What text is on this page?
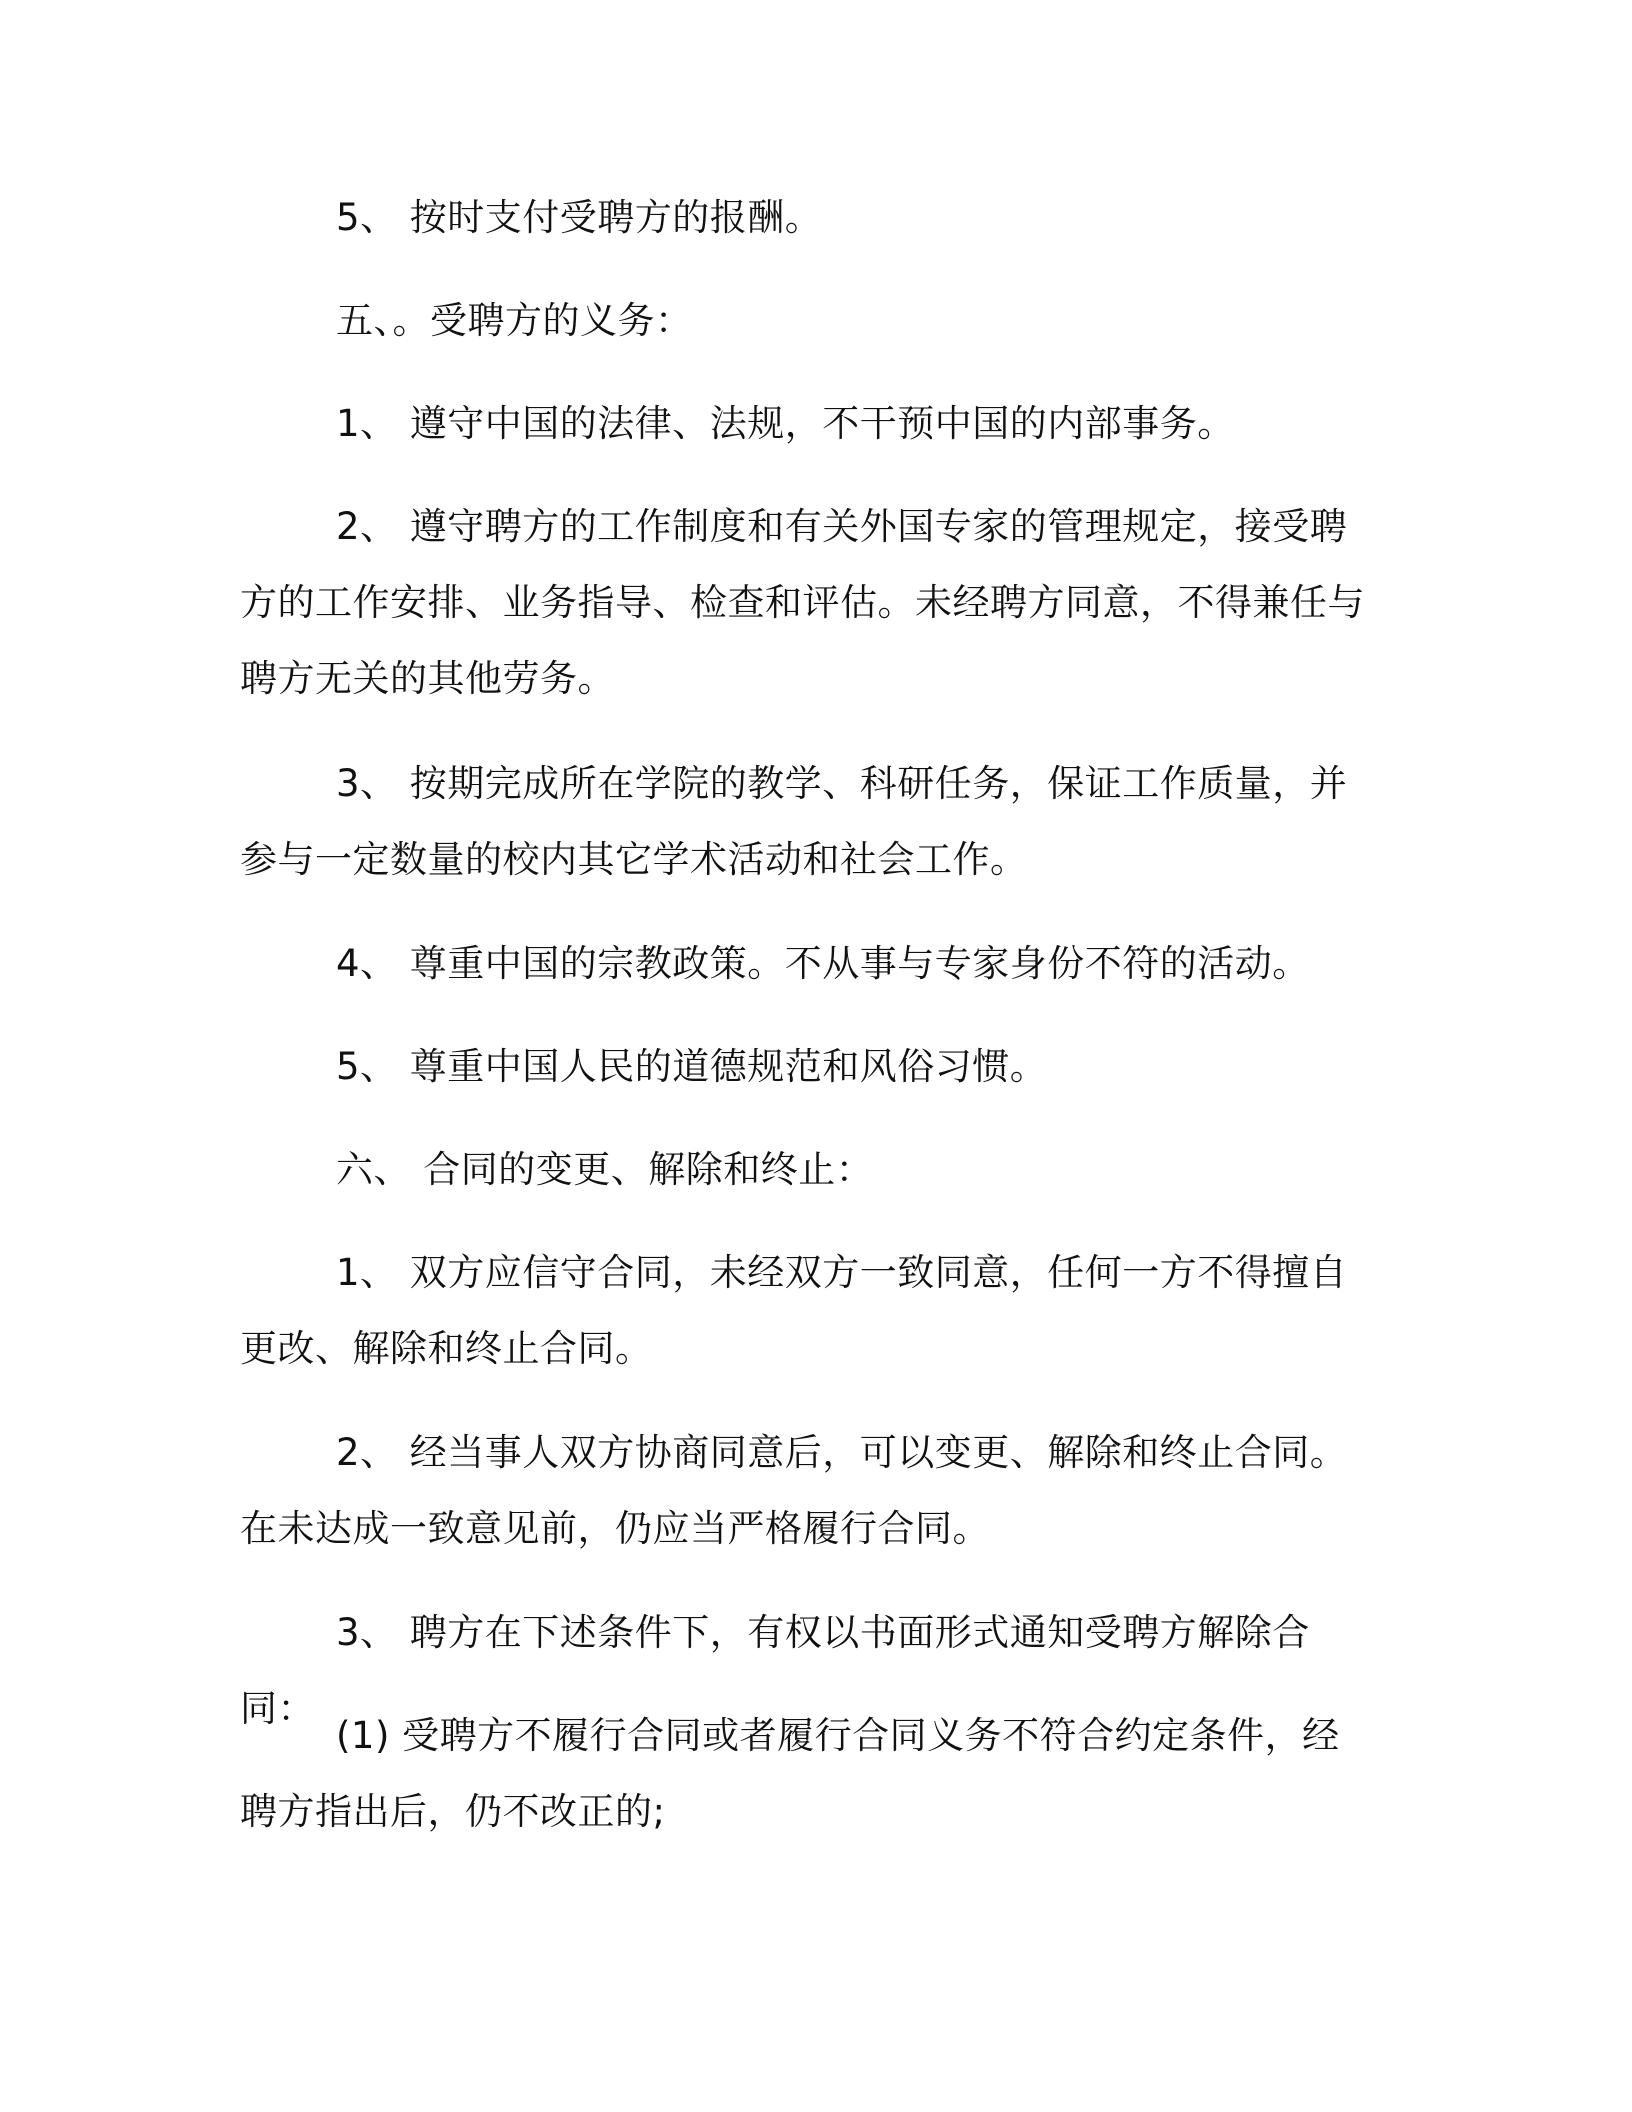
5、 按时支付受聘方的报酬。

五、。受聘方的义务：

1、 遵守中国的法律、法规，不干预中国的内部事务。

2、 遵守聘方的工作制度和有关外国专家的管理规定，接受聘方的工作安排、业务指导、检查和评估。未经聘方同意，不得兼任与聘方无关的其他劳务。

3、 按期完成所在学院的教学、科研任务，保证工作质量，并参与一定数量的校内其它学术活动和社会工作。

4、 尊重中国的宗教政策。不从事与专家身份不符的活动。

5、 尊重中国人民的道德规范和风俗习惯。

六、 合同的变更、解除和终止：

1、 双方应信守合同，未经双方一致同意，任何一方不得擅自更改、解除和终止合同。

2、 经当事人双方协商同意后，可以变更、解除和终止合同。在未达成一致意见前，仍应当严格履行合同。

3、 聘方在下述条件下，有权以书面形式通知受聘方解除合同：

(1) 受聘方不履行合同或者履行合同义务不符合约定条件，经聘方指出后，仍不改正的;
